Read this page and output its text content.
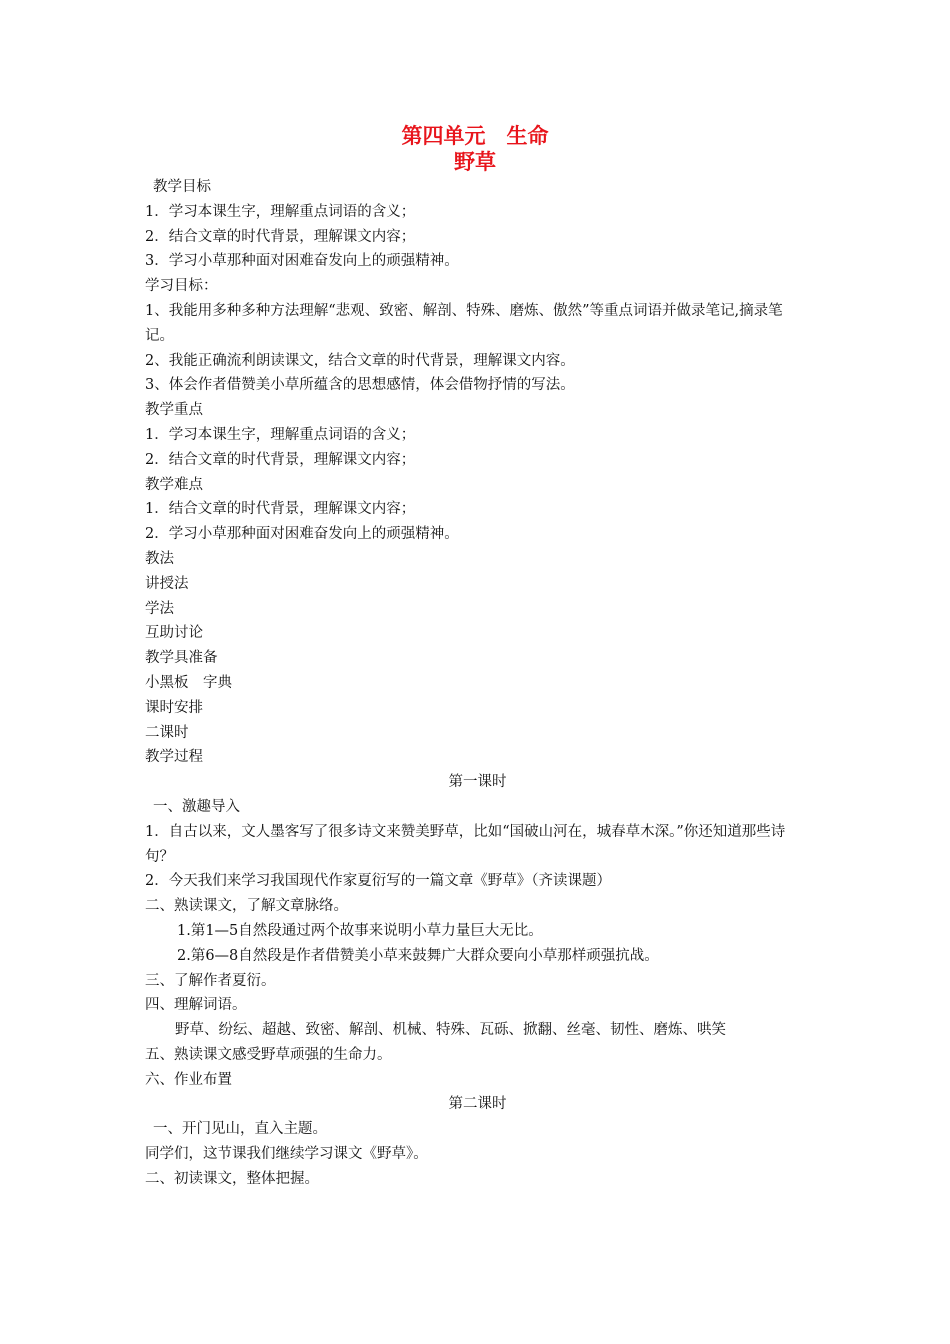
第四单元　生命
野草

教学目标

1．学习本课生字，理解重点词语的含义；

2．结合文章的时代背景，理解课文内容；

3．学习小草那种面对困难奋发向上的顽强精神。

学习目标：

1、我能用多种多种方法理解“悲观、致密、解剖、特殊、磨炼、傲然”等重点词语并做录笔记,摘录笔记。

2、我能正确流利朗读课文，结合文章的时代背景，理解课文内容。

3、体会作者借赞美小草所蕴含的思想感情，体会借物抒情的写法。

教学重点

1．学习本课生字，理解重点词语的含义；

2．结合文章的时代背景，理解课文内容；

教学难点

1．结合文章的时代背景，理解课文内容；

2．学习小草那种面对困难奋发向上的顽强精神。

教法

讲授法

学法

互助讨论

教学具准备

小黑板　字典

课时安排

二课时

教学过程

第一课时

一、激趣导入

1．自古以来，文人墨客写了很多诗文来赞美野草，比如“国破山河在，城春草木深。”你还知道那些诗句？

2．今天我们来学习我国现代作家夏衍写的一篇文章《野草》（齐读课题）

二、熟读课文，了解文章脉络。

1.第1—5自然段通过两个故事来说明小草力量巨大无比。

2.第6—8自然段是作者借赞美小草来鼓舞广大群众要向小草那样顽强抗战。

三、了解作者夏衍。

四、理解词语。

野草、纷纭、超越、致密、解剖、机械、特殊、瓦砾、掀翻、丝毫、韧性、磨炼、哄笑

五、熟读课文感受野草顽强的生命力。

六、作业布置

第二课时

一、开门见山，直入主题。

同学们，这节课我们继续学习课文《野草》。

二、初读课文，整体把握。
